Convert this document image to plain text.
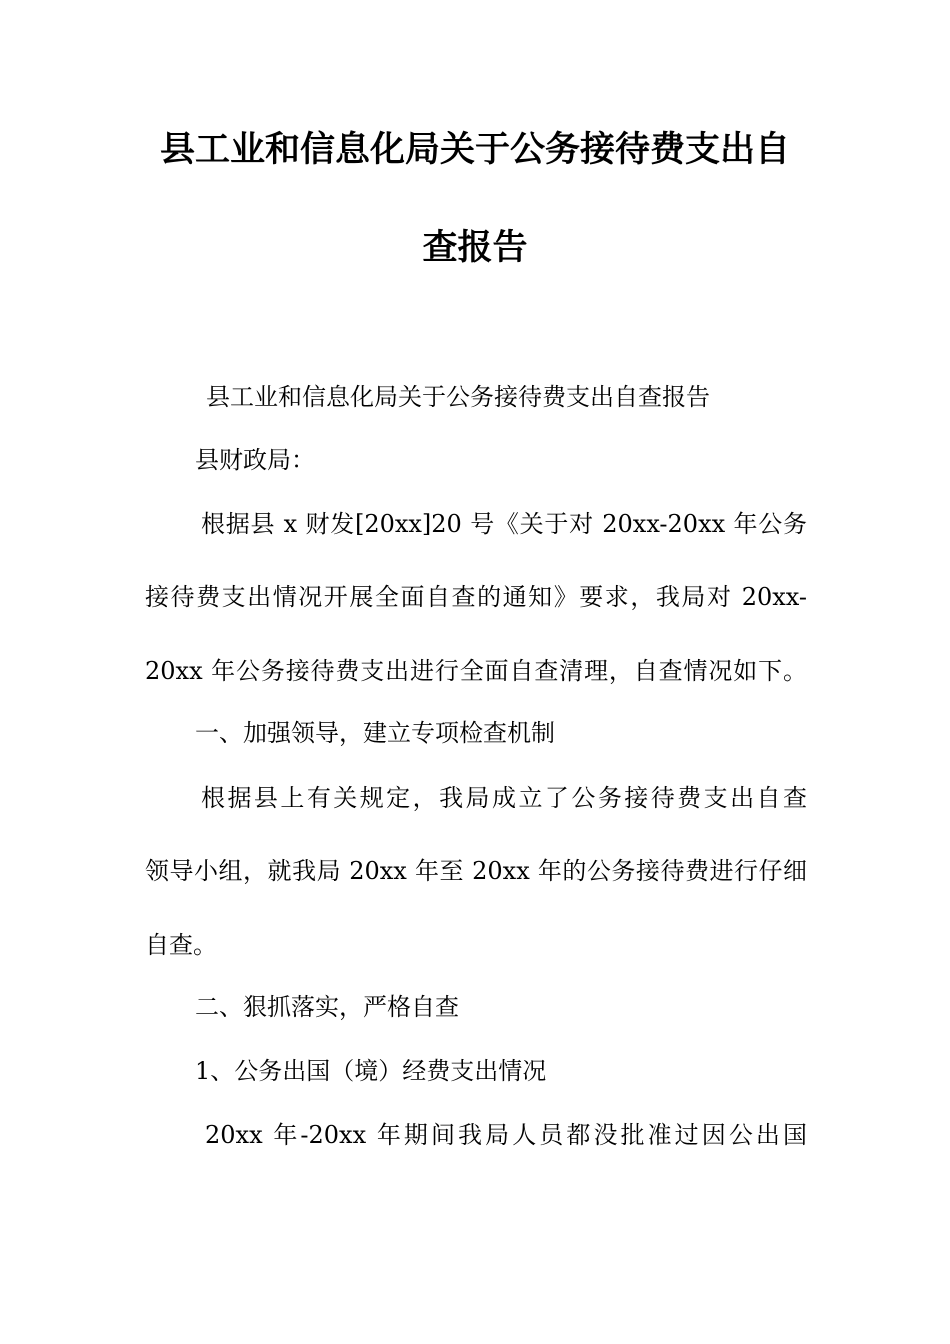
县工业和信息化局关于公务接待费支出自
查报告
县工业和信息化局关于公务接待费支出自查报告
县财政局：
根据县 x 财发[20xx]20 号《关于对 20xx-20xx 年公务
接待费支出情况开展全面自查的通知》要求，我局对 20xx-
20xx 年公务接待费支出进行全面自查清理，自查情况如下。
一、加强领导，建立专项检查机制
根据县上有关规定，我局成立了公务接待费支出自查
领导小组，就我局 20xx 年至 20xx 年的公务接待费进行仔细
自查。
二、狠抓落实，严格自查
1、公务出国（境）经费支出情况
20xx 年-20xx 年期间我局人员都没批准过因公出国
